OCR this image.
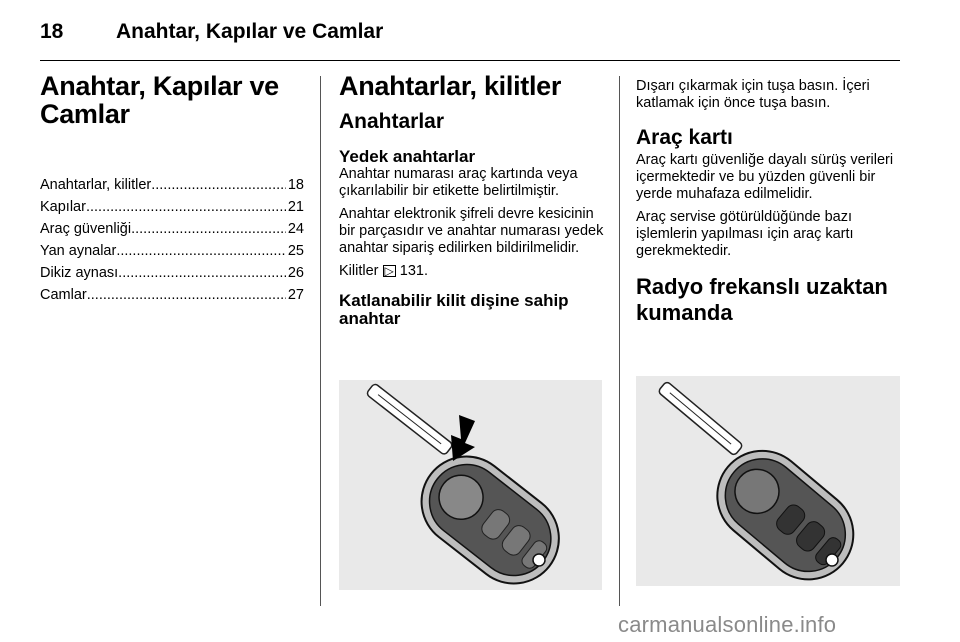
18	Anahtar, Kapılar ve Camlar
Anahtar, Kapılar ve Camlar
Anahtarlar, kilitler .....	18
Kapılar .....	21
Araç güvenliği .....	24
Yan aynalar .....	25
Dikiz aynası .....	26
Camlar .....	27
Anahtarlar, kilitler
Anahtarlar
Yedek anahtarlar

Anahtar numarası araç kartında veya çıkarılabilir bir etikette belirtilmiştir.

Anahtar elektronik şifreli devre kesicinin bir parçasıdır ve anahtar numarası yedek anahtar sipariş edilirken bildirilmelidir.

Kilitler ▷ 131.

Katlanabilir kilit dişine sahip anahtar

Dışarı çıkarmak için tuşa basın. İçeri katlamak için önce tuşa basın.

Araç kartı

Araç kartı güvenliğe dayalı sürüş verileri içermektedir ve bu yüzden güvenli bir yerde muhafaza edilmelidir.

Araç servise götürüldüğünde bazı işlemlerin yapılması için araç kartı gerekmektedir.

Radyo frekanslı uzaktan kumanda
carmanualsonline.info
